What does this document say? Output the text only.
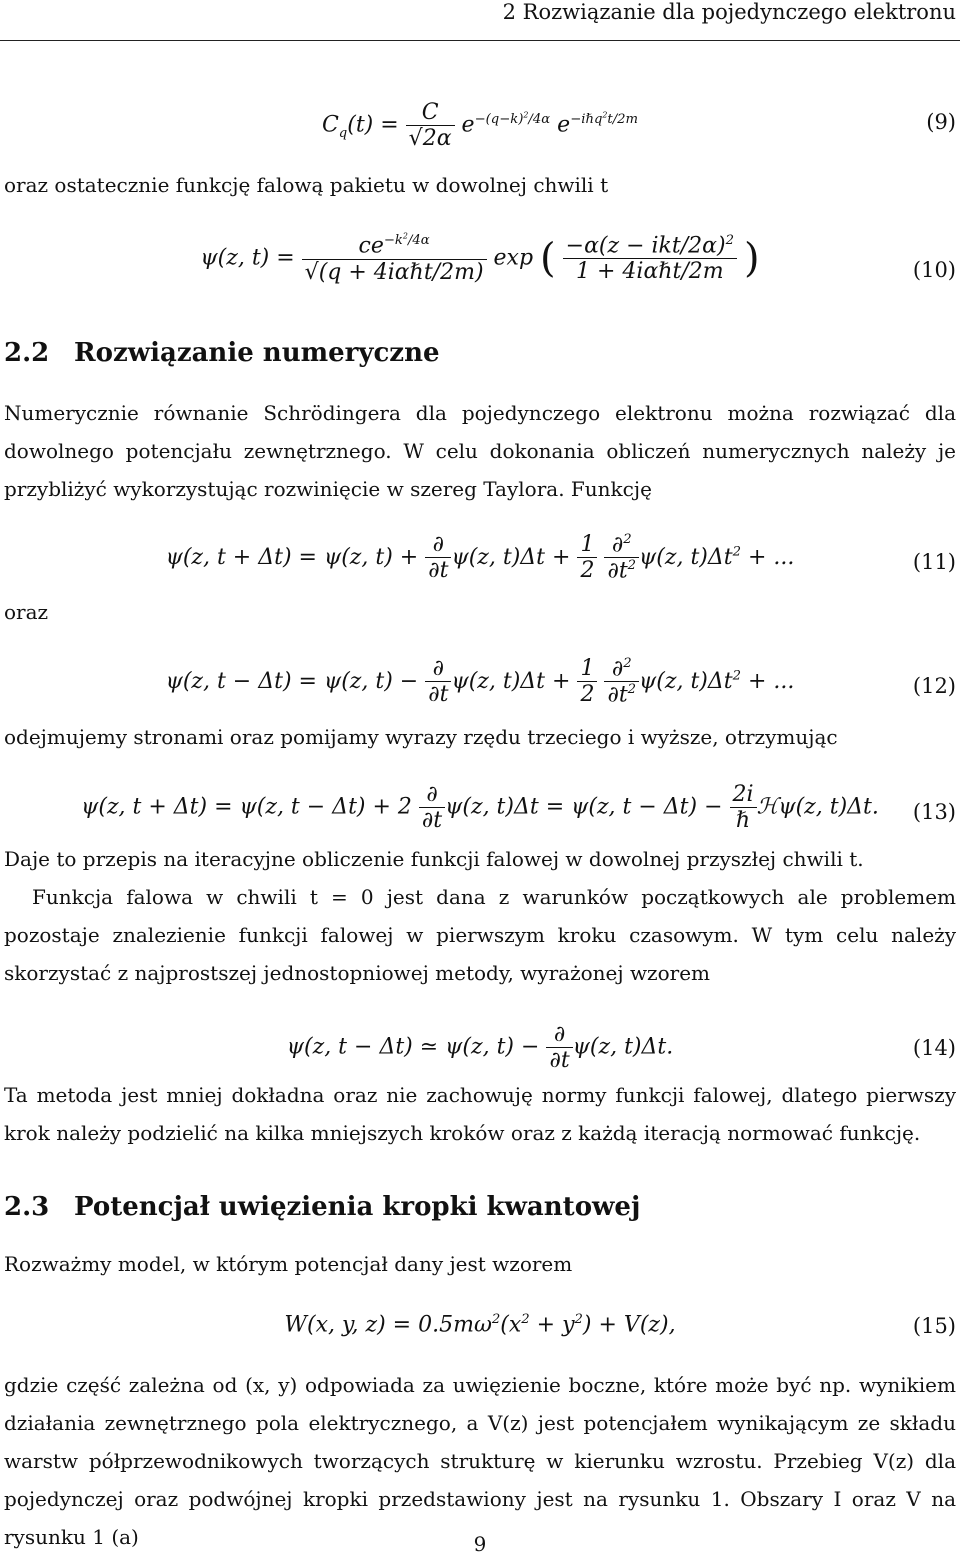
2 Rozwiązanie dla pojedynczego elektronu
$C_q(t) = \frac{C}{√2\alpha} e^{-(q-k)^2/4\alpha}$ $e^{-i\hbar q^2t/2m}$	(9)
oraz ostatecznie funkcję falową pakietu w dowolnej chwili t
ψ(z, $t) = \frac{ce^{-k^2/4\alpha}}{\text{√(q + 4iαℏt/2m)}}$ exp ( $\frac{-\alpha(z - ikt/2\alpha)^2}{\text{1 + 4iαℏt/2m}}$ )	(10)
2.2 Rozwiązanie numeryczne
Numerycznie równanie Schrödingera dla pojedynczego elektronu można rozwiązać dla dowolnego potencjału zewnętrznego. W celu dokonania obliczeń numerycznych należy je przybliżyć wykorzystując rozwinięcie w szereg Taylora. Funkcję
ψ(z, t + Δt) = ψ(z, $t) + \frac{\partial}{\partial t} \psi(z$, $t)\Delta t + \frac{1}{2}$
$\frac{\partial^2}{\partial t^2} \psi(z$, $t)\Delta t^2$ + ...	(11)
oraz
ψ(z, t − Δt) = ψ(z, $t) - \frac{\partial}{\partial t} \psi(z$, $t)\Delta t + \frac{1}{2}$
$\frac{\partial^2}{\partial t^2} \psi(z$, $t)\Delta t^2$ + ...	(12)
odejmujemy stronami oraz pomijamy wyrazy rzędu trzeciego i wyższe, otrzymując
ψ(z, t + Δt) = ψ(z, $t - \Delta t) + 2 \frac{\partial}{\partial t} \psi(z$, t)Δt = ψ(z, $t - \Delta t) - \frac{2i}{\text{ℏ}}$ ℋψ(z, t)Δt. (13)
Daje to przepis na iteracyjne obliczenie funkcji falowej w dowolnej przyszłej chwili t.
Funkcja falowa w chwili t = 0 jest dana z warunków początkowych ale problemem pozostaje znalezienie funkcji falowej w pierwszym kroku czasowym. W tym celu należy skorzystać z najprostszej jednostopniowej metody, wyrażonej wzorem
ψ(z, t − Δt) ≃ ψ(z, $t) - \frac{\partial}{\partial t} \psi(z$, t)Δt.	(14)
Ta metoda jest mniej dokładna oraz nie zachowuję normy funkcji falowej, dlatego pierwszy krok należy podzielić na kilka mniejszych kroków oraz z każdą iteracją normować funkcję.
2.3 Potencjał uwięzienia kropki kwantowej
Rozważmy model, w którym potencjał dany jest wzorem
W(x, y, $z) = 0.5m\omega^2(x^2 + y^2) + V(z)$,	(15)
gdzie część zależna od (x, y) odpowiada za uwięzienie boczne, które może być np. wynikiem działania zewnętrznego pola elektrycznego, a V(z) jest potencjałem wynikającym ze składu warstw półprzewodnikowych tworzących strukturę w kierunku wzrostu. Przebieg V(z) dla pojedynczej oraz podwójnej kropki przedstawiony jest na rysunku 1. Obszary I oraz V na rysunku 1 (a)	9
